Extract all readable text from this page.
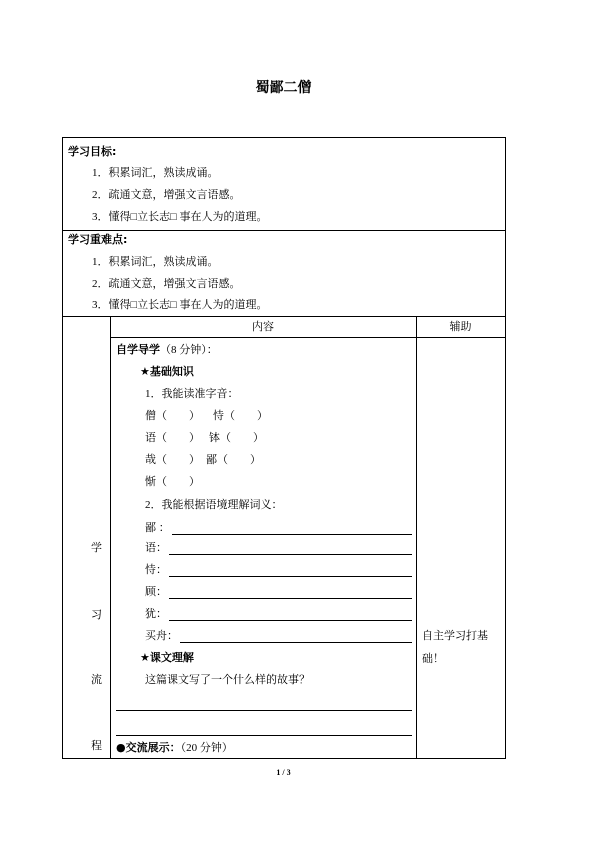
蜀鄙二僧
学习目标:
1．积累词汇，熟读成诵。
2．疏通文意，增强文言语感。
3．懂得□立长志□ 事在人为的道理。
学习重难点:
1．积累词汇，熟读成诵。
2．疏通文意，增强文言语感。
3．懂得□立长志□ 事在人为的道理。
学
习
流
程
内容	辅助
自学导学（8 分钟）：
★基础知识
1．我能读准字音：
僧（　　） 恃（　　）
语（　　） 钵（　　）
哉（　　） 鄙（　　）
惭（　　）
2．我能根据语境理解词义：
鄙 ：
语：
恃：
顾：
犹：
买舟：
★课文理解
这篇课文写了一个什么样的故事？
●交流展示：（20 分钟）
自主学习打基
础！
1 / 3
